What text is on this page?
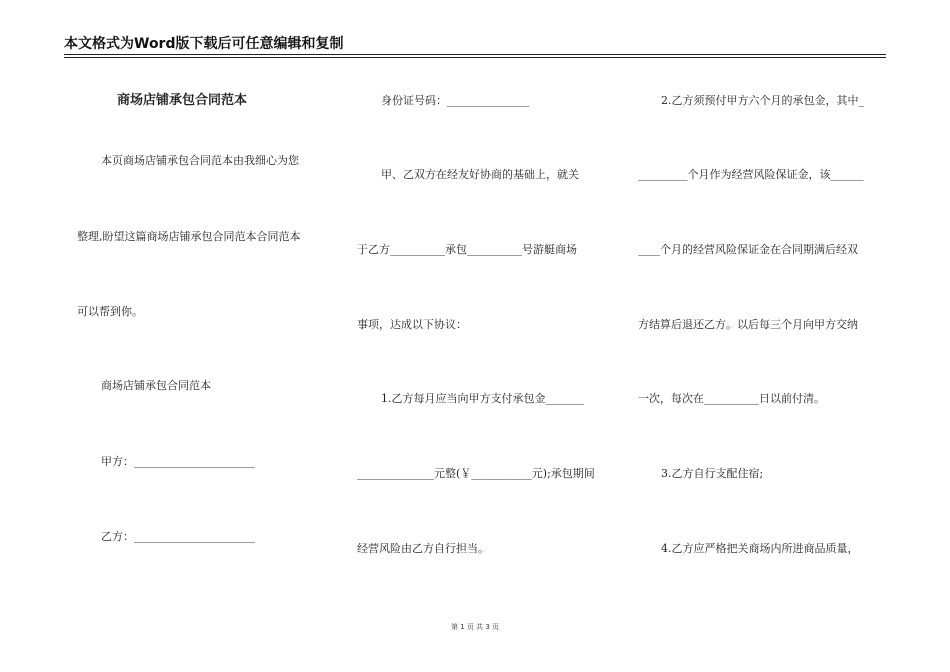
本文格式为Word版下载后可任意编辑和复制
商场店铺承包合同范本
本页商场店铺承包合同范本由我细心为您
整理,盼望这篇商场店铺承包合同范本合同范本
可以帮到你。
商场店铺承包合同范本
甲方：______________________
乙方：______________________
身份证号码：_______________
甲、乙双方在经友好协商的基础上，就关
于乙方__________承包__________号游艇商场
事项，达成以下协议：
1.乙方每月应当向甲方支付承包金_______
______________元整(￥___________元);承包期间
经营风险由乙方自行担当。
2.乙方须预付甲方六个月的承包金，其中_
_________个月作为经营风险保证金，该______
____个月的经营风险保证金在合同期满后经双
方结算后退还乙方。以后每三个月向甲方交纳
一次，每次在__________日以前付清。
3.乙方自行支配住宿;
4.乙方应严格把关商场内所进商品质量，
第 1 页 共 3 页
